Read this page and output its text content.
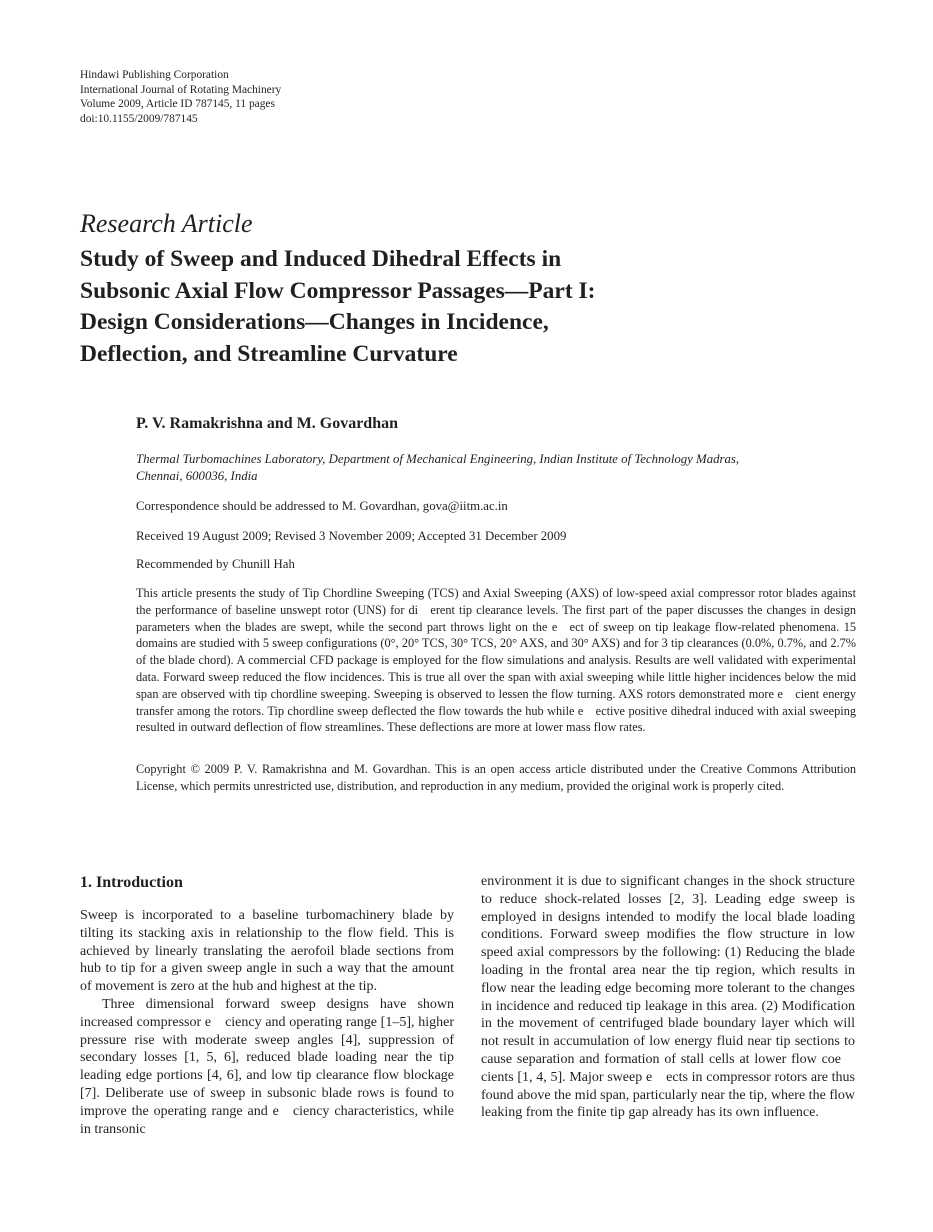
Hindawi Publishing Corporation
International Journal of Rotating Machinery
Volume 2009, Article ID 787145, 11 pages
doi:10.1155/2009/787145
Research Article
Study of Sweep and Induced Dihedral Effects in
Subsonic Axial Flow Compressor Passages—Part I:
Design Considerations—Changes in Incidence,
Deflection, and Streamline Curvature
P. V. Ramakrishna and M. Govardhan
Thermal Turbomachines Laboratory, Department of Mechanical Engineering, Indian Institute of Technology Madras,
Chennai, 600036, India
Correspondence should be addressed to M. Govardhan, gova@iitm.ac.in
Received 19 August 2009; Revised 3 November 2009; Accepted 31 December 2009
Recommended by Chunill Hah
This article presents the study of Tip Chordline Sweeping (TCS) and Axial Sweeping (AXS) of low-speed axial compressor rotor blades against the performance of baseline unswept rotor (UNS) for di erent tip clearance levels. The first part of the paper discusses the changes in design parameters when the blades are swept, while the second part throws light on the e ect of sweep on tip leakage flow-related phenomena. 15 domains are studied with 5 sweep configurations (0°, 20° TCS, 30° TCS, 20° AXS, and 30° AXS) and for 3 tip clearances (0.0%, 0.7%, and 2.7% of the blade chord). A commercial CFD package is employed for the flow simulations and analysis. Results are well validated with experimental data. Forward sweep reduced the flow incidences. This is true all over the span with axial sweeping while little higher incidences below the mid span are observed with tip chordline sweeping. Sweeping is observed to lessen the flow turning. AXS rotors demonstrated more e cient energy transfer among the rotors. Tip chordline sweep deflected the flow towards the hub while e ective positive dihedral induced with axial sweeping resulted in outward deflection of flow streamlines. These deflections are more at lower mass flow rates.
Copyright © 2009 P. V. Ramakrishna and M. Govardhan. This is an open access article distributed under the Creative Commons Attribution License, which permits unrestricted use, distribution, and reproduction in any medium, provided the original work is properly cited.
1. Introduction

Sweep is incorporated to a baseline turbomachinery blade by tilting its stacking axis in relationship to the flow field. This is achieved by linearly translating the aerofoil blade sections from hub to tip for a given sweep angle in such a way that the amount of movement is zero at the hub and highest at the tip.

Three dimensional forward sweep designs have shown increased compressor e ciency and operating range [1–5], higher pressure rise with moderate sweep angles [4], suppression of secondary losses [1, 5, 6], reduced blade loading near the tip leading edge portions [4, 6], and low tip clearance flow blockage [7]. Deliberate use of sweep in subsonic blade rows is found to improve the operating range and e ciency characteristics, while in transonic

environment it is due to significant changes in the shock structure to reduce shock-related losses [2, 3]. Leading edge sweep is employed in designs intended to modify the local blade loading conditions. Forward sweep modifies the flow structure in low speed axial compressors by the following: (1) Reducing the blade loading in the frontal area near the tip region, which results in flow near the leading edge becoming more tolerant to the changes in incidence and reduced tip leakage in this area. (2) Modification in the movement of centrifuged blade boundary layer which will not result in accumulation of low energy fluid near tip sections to cause separation and formation of stall cells at lower flow coe cients [1, 4, 5]. Major sweep e ects in compressor rotors are thus found above the mid span, particularly near the tip, where the flow leaking from the finite tip gap already has its own influence.
